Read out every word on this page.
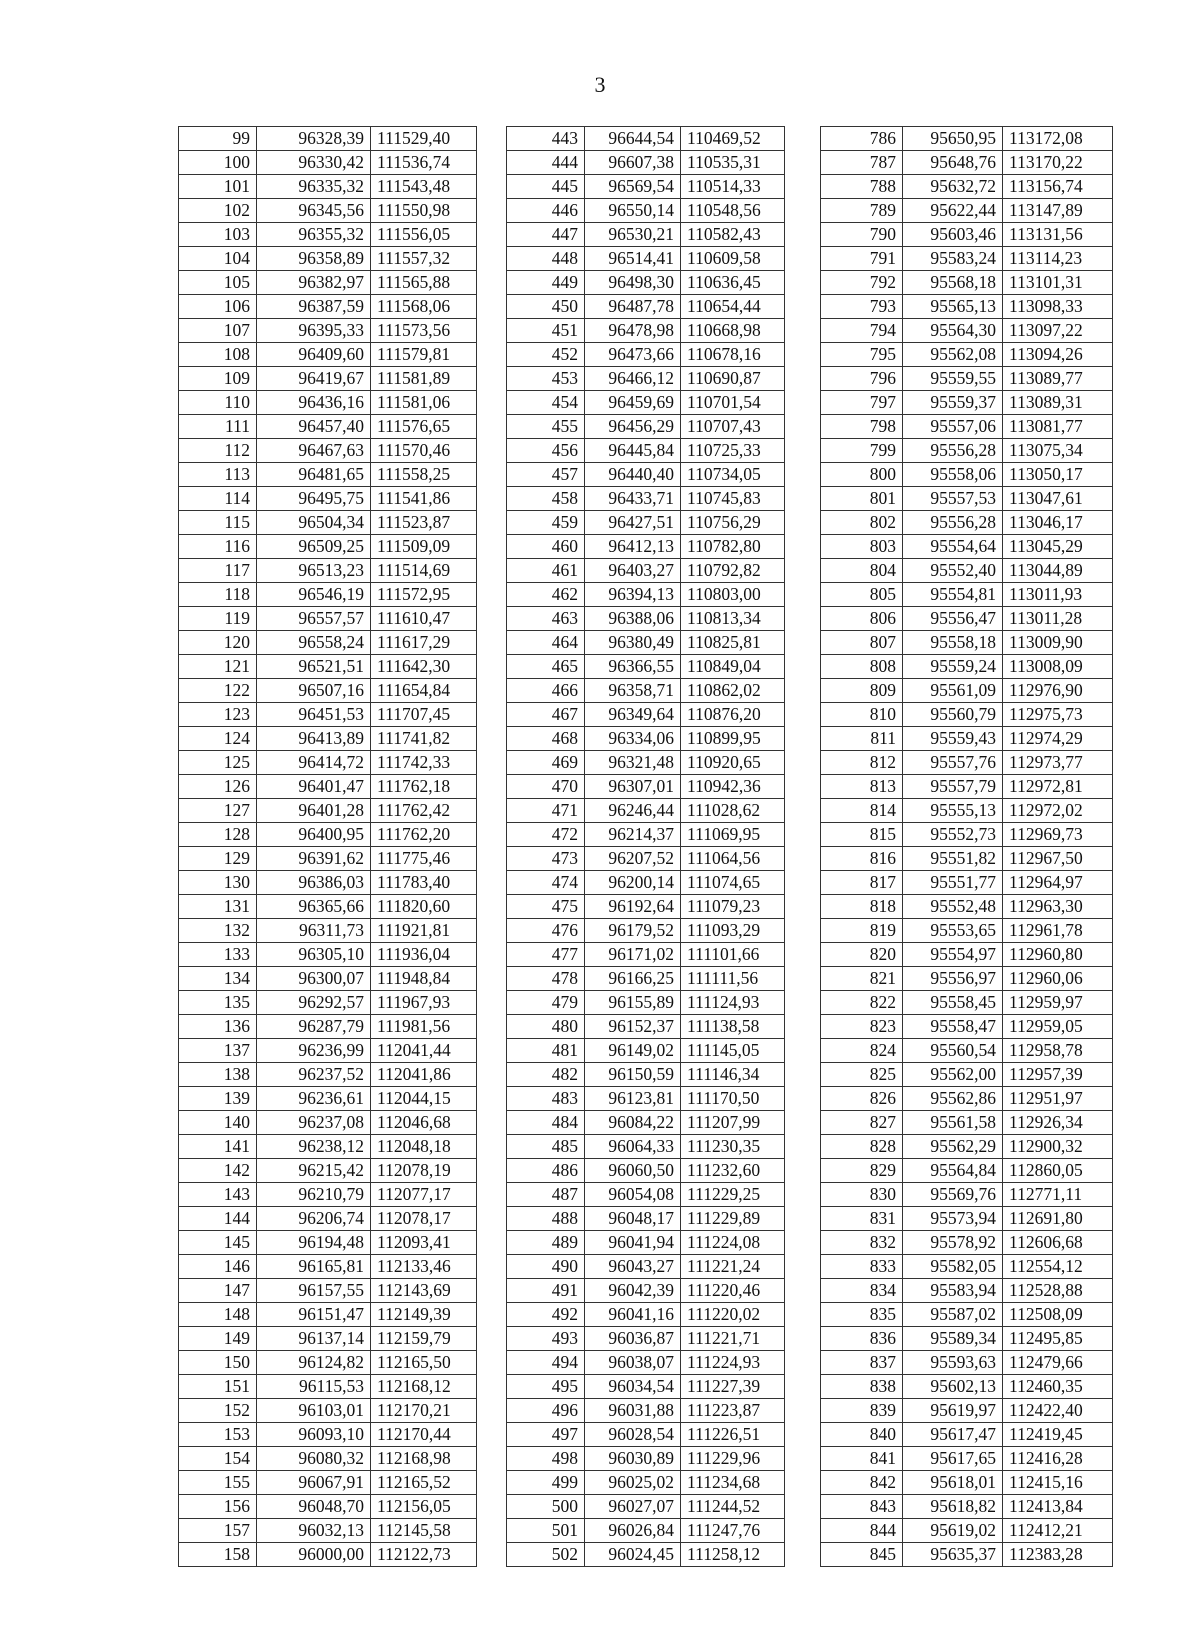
3
99	96328,39	111529,40		443	96644,54	110469,52		786	95650,95	113172,08
100	96330,42	111536,74		444	96607,38	110535,31		787	95648,76	113170,22
101	96335,32	111543,48		445	96569,54	110514,33		788	95632,72	113156,74
102	96345,56	111550,98		446	96550,14	110548,56		789	95622,44	113147,89
103	96355,32	111556,05		447	96530,21	110582,43		790	95603,46	113131,56
104	96358,89	111557,32		448	96514,41	110609,58		791	95583,24	113114,23
105	96382,97	111565,88		449	96498,30	110636,45		792	95568,18	113101,31
106	96387,59	111568,06		450	96487,78	110654,44		793	95565,13	113098,33
107	96395,33	111573,56		451	96478,98	110668,98		794	95564,30	113097,22
108	96409,60	111579,81		452	96473,66	110678,16		795	95562,08	113094,26
109	96419,67	111581,89		453	96466,12	110690,87		796	95559,55	113089,77
110	96436,16	111581,06		454	96459,69	110701,54		797	95559,37	113089,31
111	96457,40	111576,65		455	96456,29	110707,43		798	95557,06	113081,77
112	96467,63	111570,46		456	96445,84	110725,33		799	95556,28	113075,34
113	96481,65	111558,25		457	96440,40	110734,05		800	95558,06	113050,17
114	96495,75	111541,86		458	96433,71	110745,83		801	95557,53	113047,61
115	96504,34	111523,87		459	96427,51	110756,29		802	95556,28	113046,17
116	96509,25	111509,09		460	96412,13	110782,80		803	95554,64	113045,29
117	96513,23	111514,69		461	96403,27	110792,82		804	95552,40	113044,89
118	96546,19	111572,95		462	96394,13	110803,00		805	95554,81	113011,93
119	96557,57	111610,47		463	96388,06	110813,34		806	95556,47	113011,28
120	96558,24	111617,29		464	96380,49	110825,81		807	95558,18	113009,90
121	96521,51	111642,30		465	96366,55	110849,04		808	95559,24	113008,09
122	96507,16	111654,84		466	96358,71	110862,02		809	95561,09	112976,90
123	96451,53	111707,45		467	96349,64	110876,20		810	95560,79	112975,73
124	96413,89	111741,82		468	96334,06	110899,95		811	95559,43	112974,29
125	96414,72	111742,33		469	96321,48	110920,65		812	95557,76	112973,77
126	96401,47	111762,18		470	96307,01	110942,36		813	95557,79	112972,81
127	96401,28	111762,42		471	96246,44	111028,62		814	95555,13	112972,02
128	96400,95	111762,20		472	96214,37	111069,95		815	95552,73	112969,73
129	96391,62	111775,46		473	96207,52	111064,56		816	95551,82	112967,50
130	96386,03	111783,40		474	96200,14	111074,65		817	95551,77	112964,97
131	96365,66	111820,60		475	96192,64	111079,23		818	95552,48	112963,30
132	96311,73	111921,81		476	96179,52	111093,29		819	95553,65	112961,78
133	96305,10	111936,04		477	96171,02	111101,66		820	95554,97	112960,80
134	96300,07	111948,84		478	96166,25	111111,56		821	95556,97	112960,06
135	96292,57	111967,93		479	96155,89	111124,93		822	95558,45	112959,97
136	96287,79	111981,56		480	96152,37	111138,58		823	95558,47	112959,05
137	96236,99	112041,44		481	96149,02	111145,05		824	95560,54	112958,78
138	96237,52	112041,86		482	96150,59	111146,34		825	95562,00	112957,39
139	96236,61	112044,15		483	96123,81	111170,50		826	95562,86	112951,97
140	96237,08	112046,68		484	96084,22	111207,99		827	95561,58	112926,34
141	96238,12	112048,18		485	96064,33	111230,35		828	95562,29	112900,32
142	96215,42	112078,19		486	96060,50	111232,60		829	95564,84	112860,05
143	96210,79	112077,17		487	96054,08	111229,25		830	95569,76	112771,11
144	96206,74	112078,17		488	96048,17	111229,89		831	95573,94	112691,80
145	96194,48	112093,41		489	96041,94	111224,08		832	95578,92	112606,68
146	96165,81	112133,46		490	96043,27	111221,24		833	95582,05	112554,12
147	96157,55	112143,69		491	96042,39	111220,46		834	95583,94	112528,88
148	96151,47	112149,39		492	96041,16	111220,02		835	95587,02	112508,09
149	96137,14	112159,79		493	96036,87	111221,71		836	95589,34	112495,85
150	96124,82	112165,50		494	96038,07	111224,93		837	95593,63	112479,66
151	96115,53	112168,12		495	96034,54	111227,39		838	95602,13	112460,35
152	96103,01	112170,21		496	96031,88	111223,87		839	95619,97	112422,40
153	96093,10	112170,44		497	96028,54	111226,51		840	95617,47	112419,45
154	96080,32	112168,98		498	96030,89	111229,96		841	95617,65	112416,28
155	96067,91	112165,52		499	96025,02	111234,68		842	95618,01	112415,16
156	96048,70	112156,05		500	96027,07	111244,52		843	95618,82	112413,84
157	96032,13	112145,58		501	96026,84	111247,76		844	95619,02	112412,21
158	96000,00	112122,73		502	96024,45	111258,12		845	95635,37	112383,28
